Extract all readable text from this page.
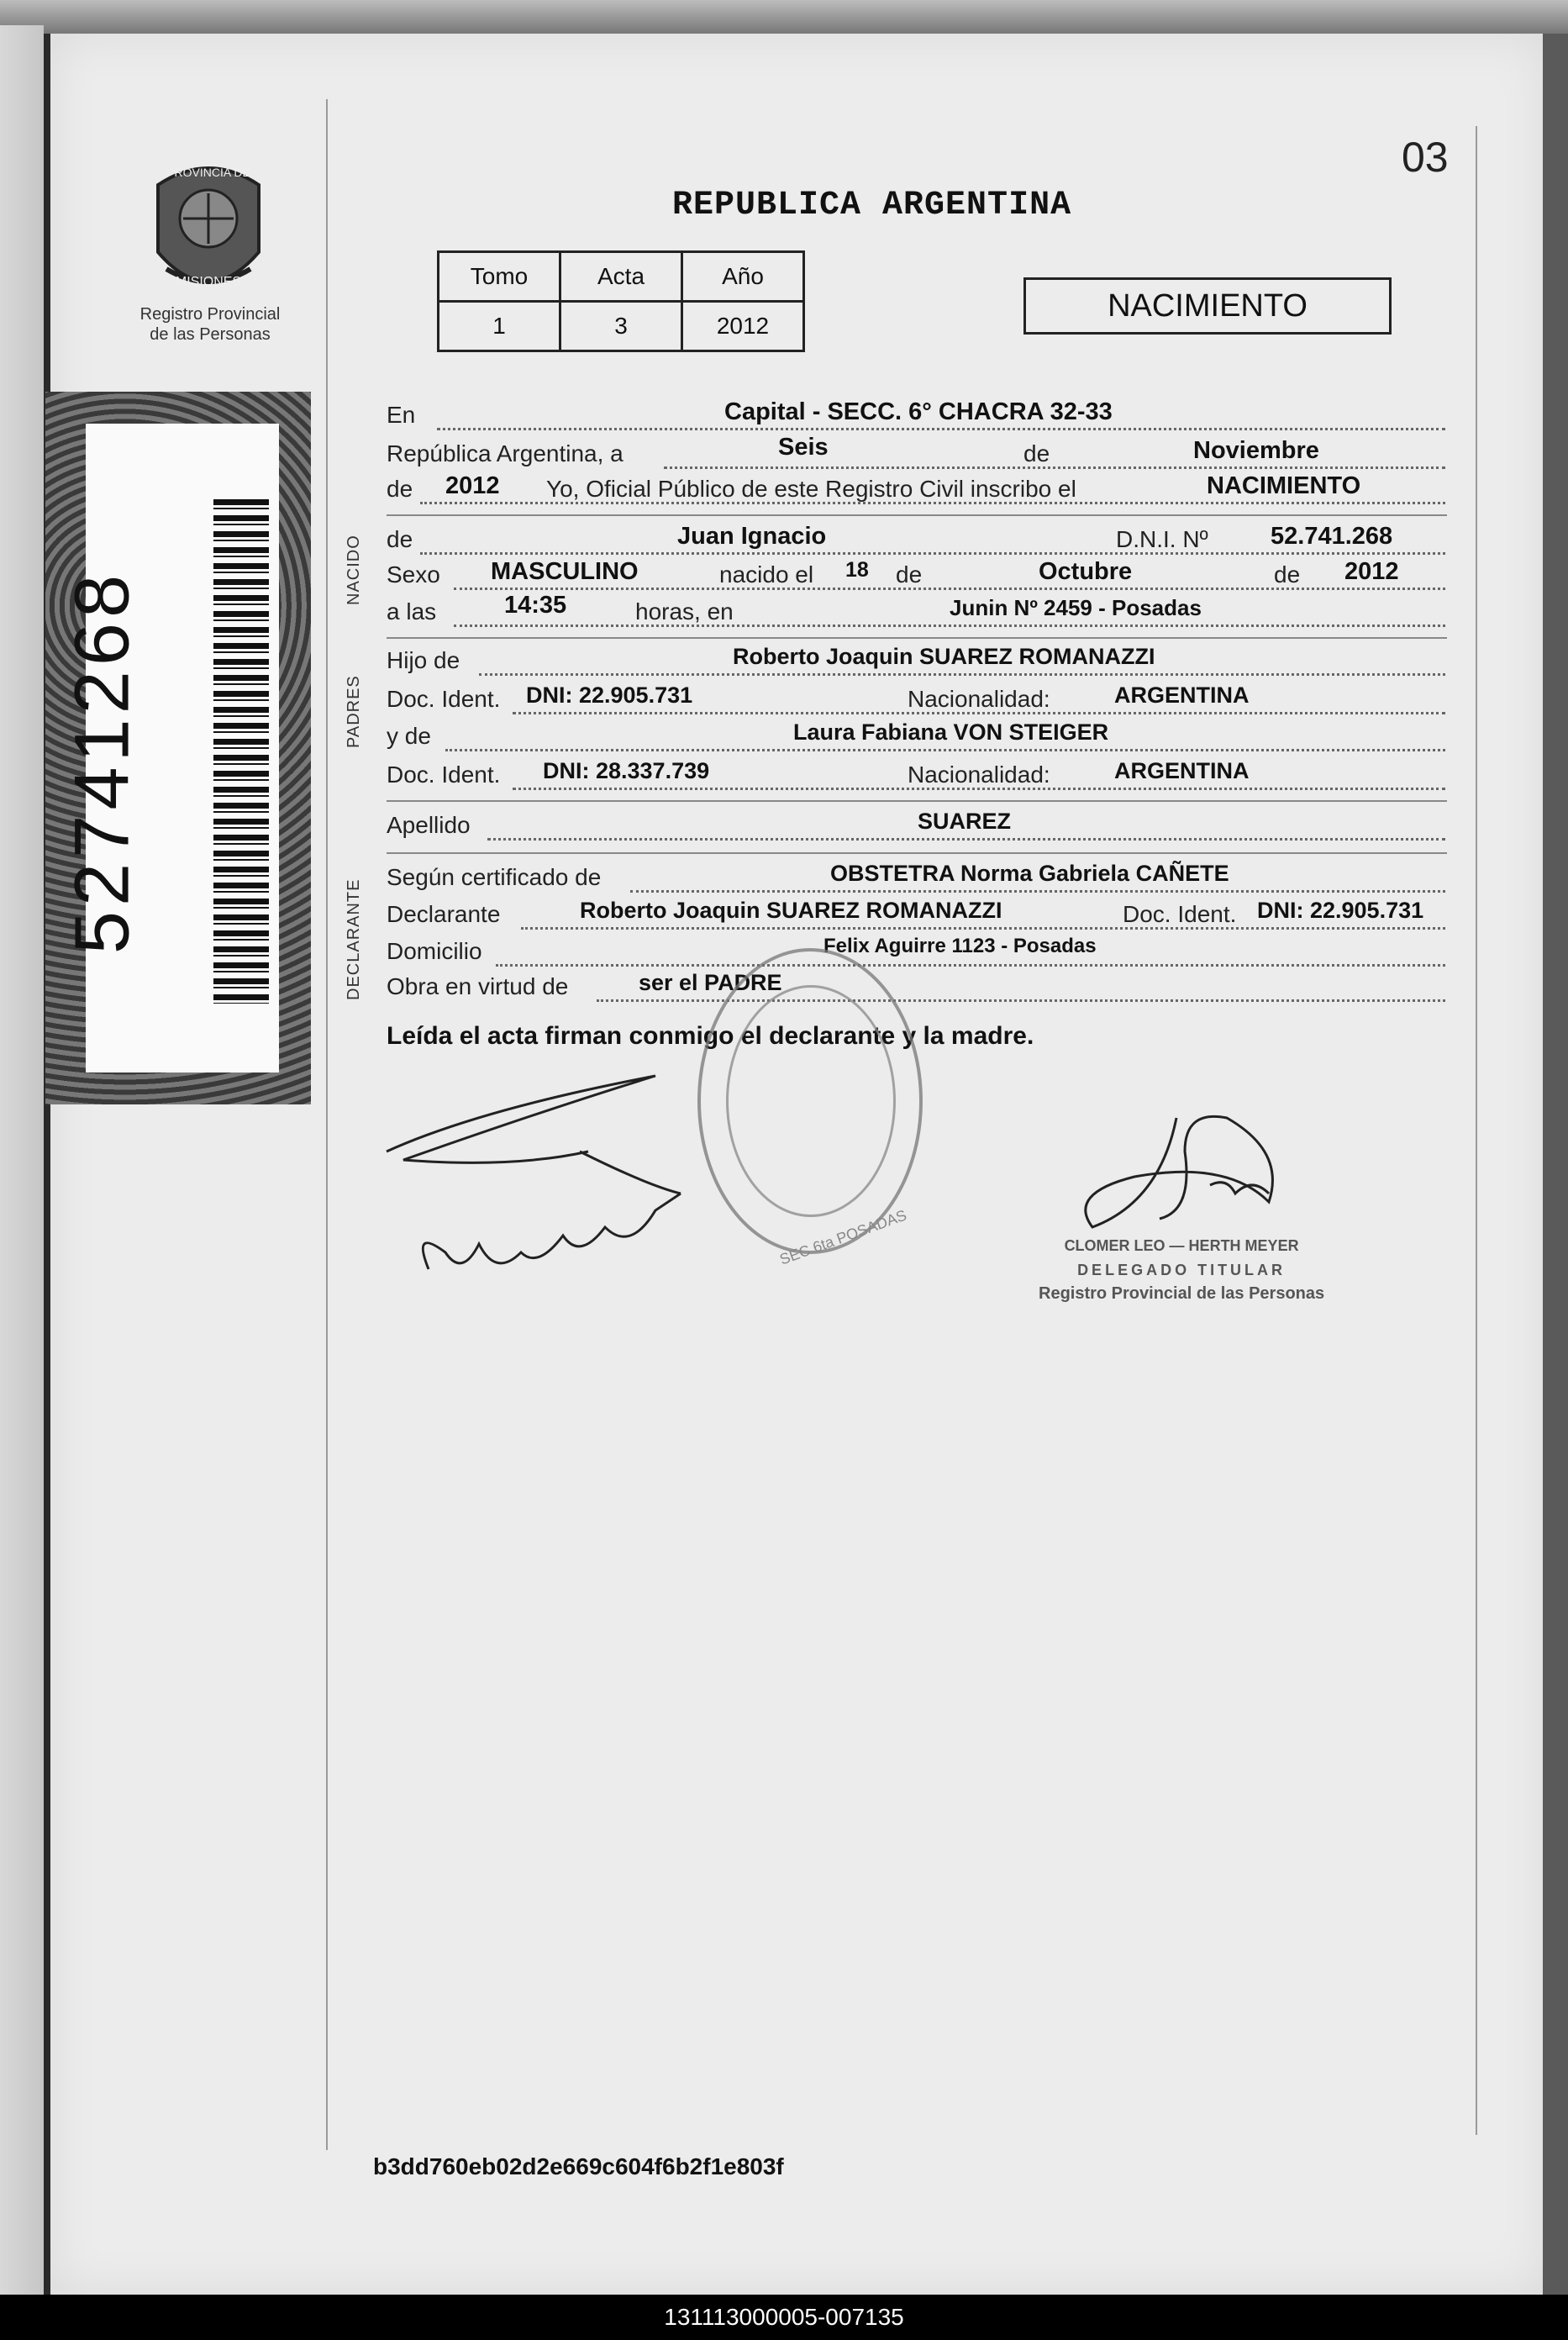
03
REPUBLICA ARGENTINA
PROVINCIA DE
MISIONES
Registro Provincial
de las Personas
52741268
Tomo	Acta	Año
1	3	2012
NACIMIENTO
NACIDO
PADRES
DECLARANTE
En	Capital - SECC. 6° CHACRA 32-33
República Argentina, a	Seis	de	Noviembre
de 2012 Yo, Oficial Público de este Registro Civil inscribo el	NACIMIENTO
de	Juan Ignacio	D.N.I. Nº	52.741.268
Sexo MASCULINO	nacido el 18 de	Octubre	de 2012
a las	14:35	horas, en	Junin Nº 2459 - Posadas
Hijo de	Roberto Joaquin SUAREZ ROMANAZZI
Doc. Ident. DNI: 22.905.731	Nacionalidad:	ARGENTINA
y de	Laura Fabiana VON STEIGER
Doc. Ident. DNI: 28.337.739	Nacionalidad:	ARGENTINA
Apellido	SUAREZ
Según certificado de	OBSTETRA Norma Gabriela CAÑETE
Declarante	Roberto Joaquin SUAREZ ROMANAZZI	Doc. Ident. DNI: 22.905.731
Domicilio	Felix Aguirre 1123 - Posadas
Obra en virtud de	ser el PADRE
Leída el acta firman conmigo el declarante y la madre.
SEC 6ta POSADAS	CLOMER LEO — HERTH MEYER
DELEGADO TITULAR
Registro Provincial de las Personas
b3dd760eb02d2e669c604f6b2f1e803f
131113000005-007135
